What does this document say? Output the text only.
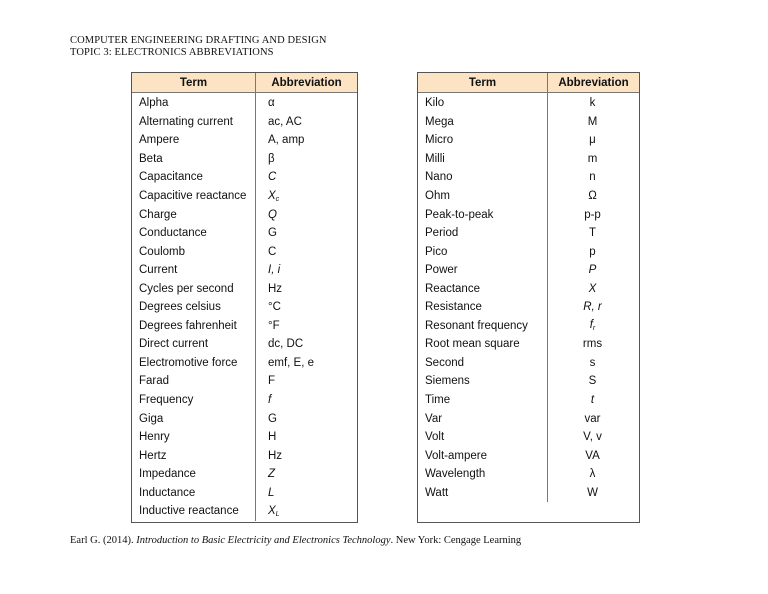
COMPUTER ENGINEERING DRAFTING AND DESIGN
TOPIC 3: ELECTRONICS ABBREVIATIONS
Term	Abbreviation
Alpha	α
Alternating current	ac, AC
Ampere	A, amp
Beta	β
Capacitance	C
Capacitive reactance	$X_c$
Charge	Q
Conductance	G
Coulomb	C
Current	I, i
Cycles per second	Hz
Degrees celsius	°C
Degrees fahrenheit	°F
Direct current	dc, DC
Electromotive force	emf, E, e
Farad	F
Frequency	f
Giga	G
Henry	H
Hertz	Hz
Impedance	Z
Inductance	L
Inductive reactance	$X_L$
Term	Abbreviation
Kilo	k
Mega	M
Micro	μ
Milli	m
Nano	n
Ohm	Ω
Peak-to-peak	p-p
Period	T
Pico	p
Power	P
Reactance	X
Resistance	R, r
Resonant frequency	$f_r$
Root mean square	rms
Second	s
Siemens	S
Time	t
Var	var
Volt	V, v
Volt-ampere	VA
Wavelength	λ
Watt	W
Earl G. (2014). Introduction to Basic Electricity and Electronics Technology. New York: Cengage Learning
